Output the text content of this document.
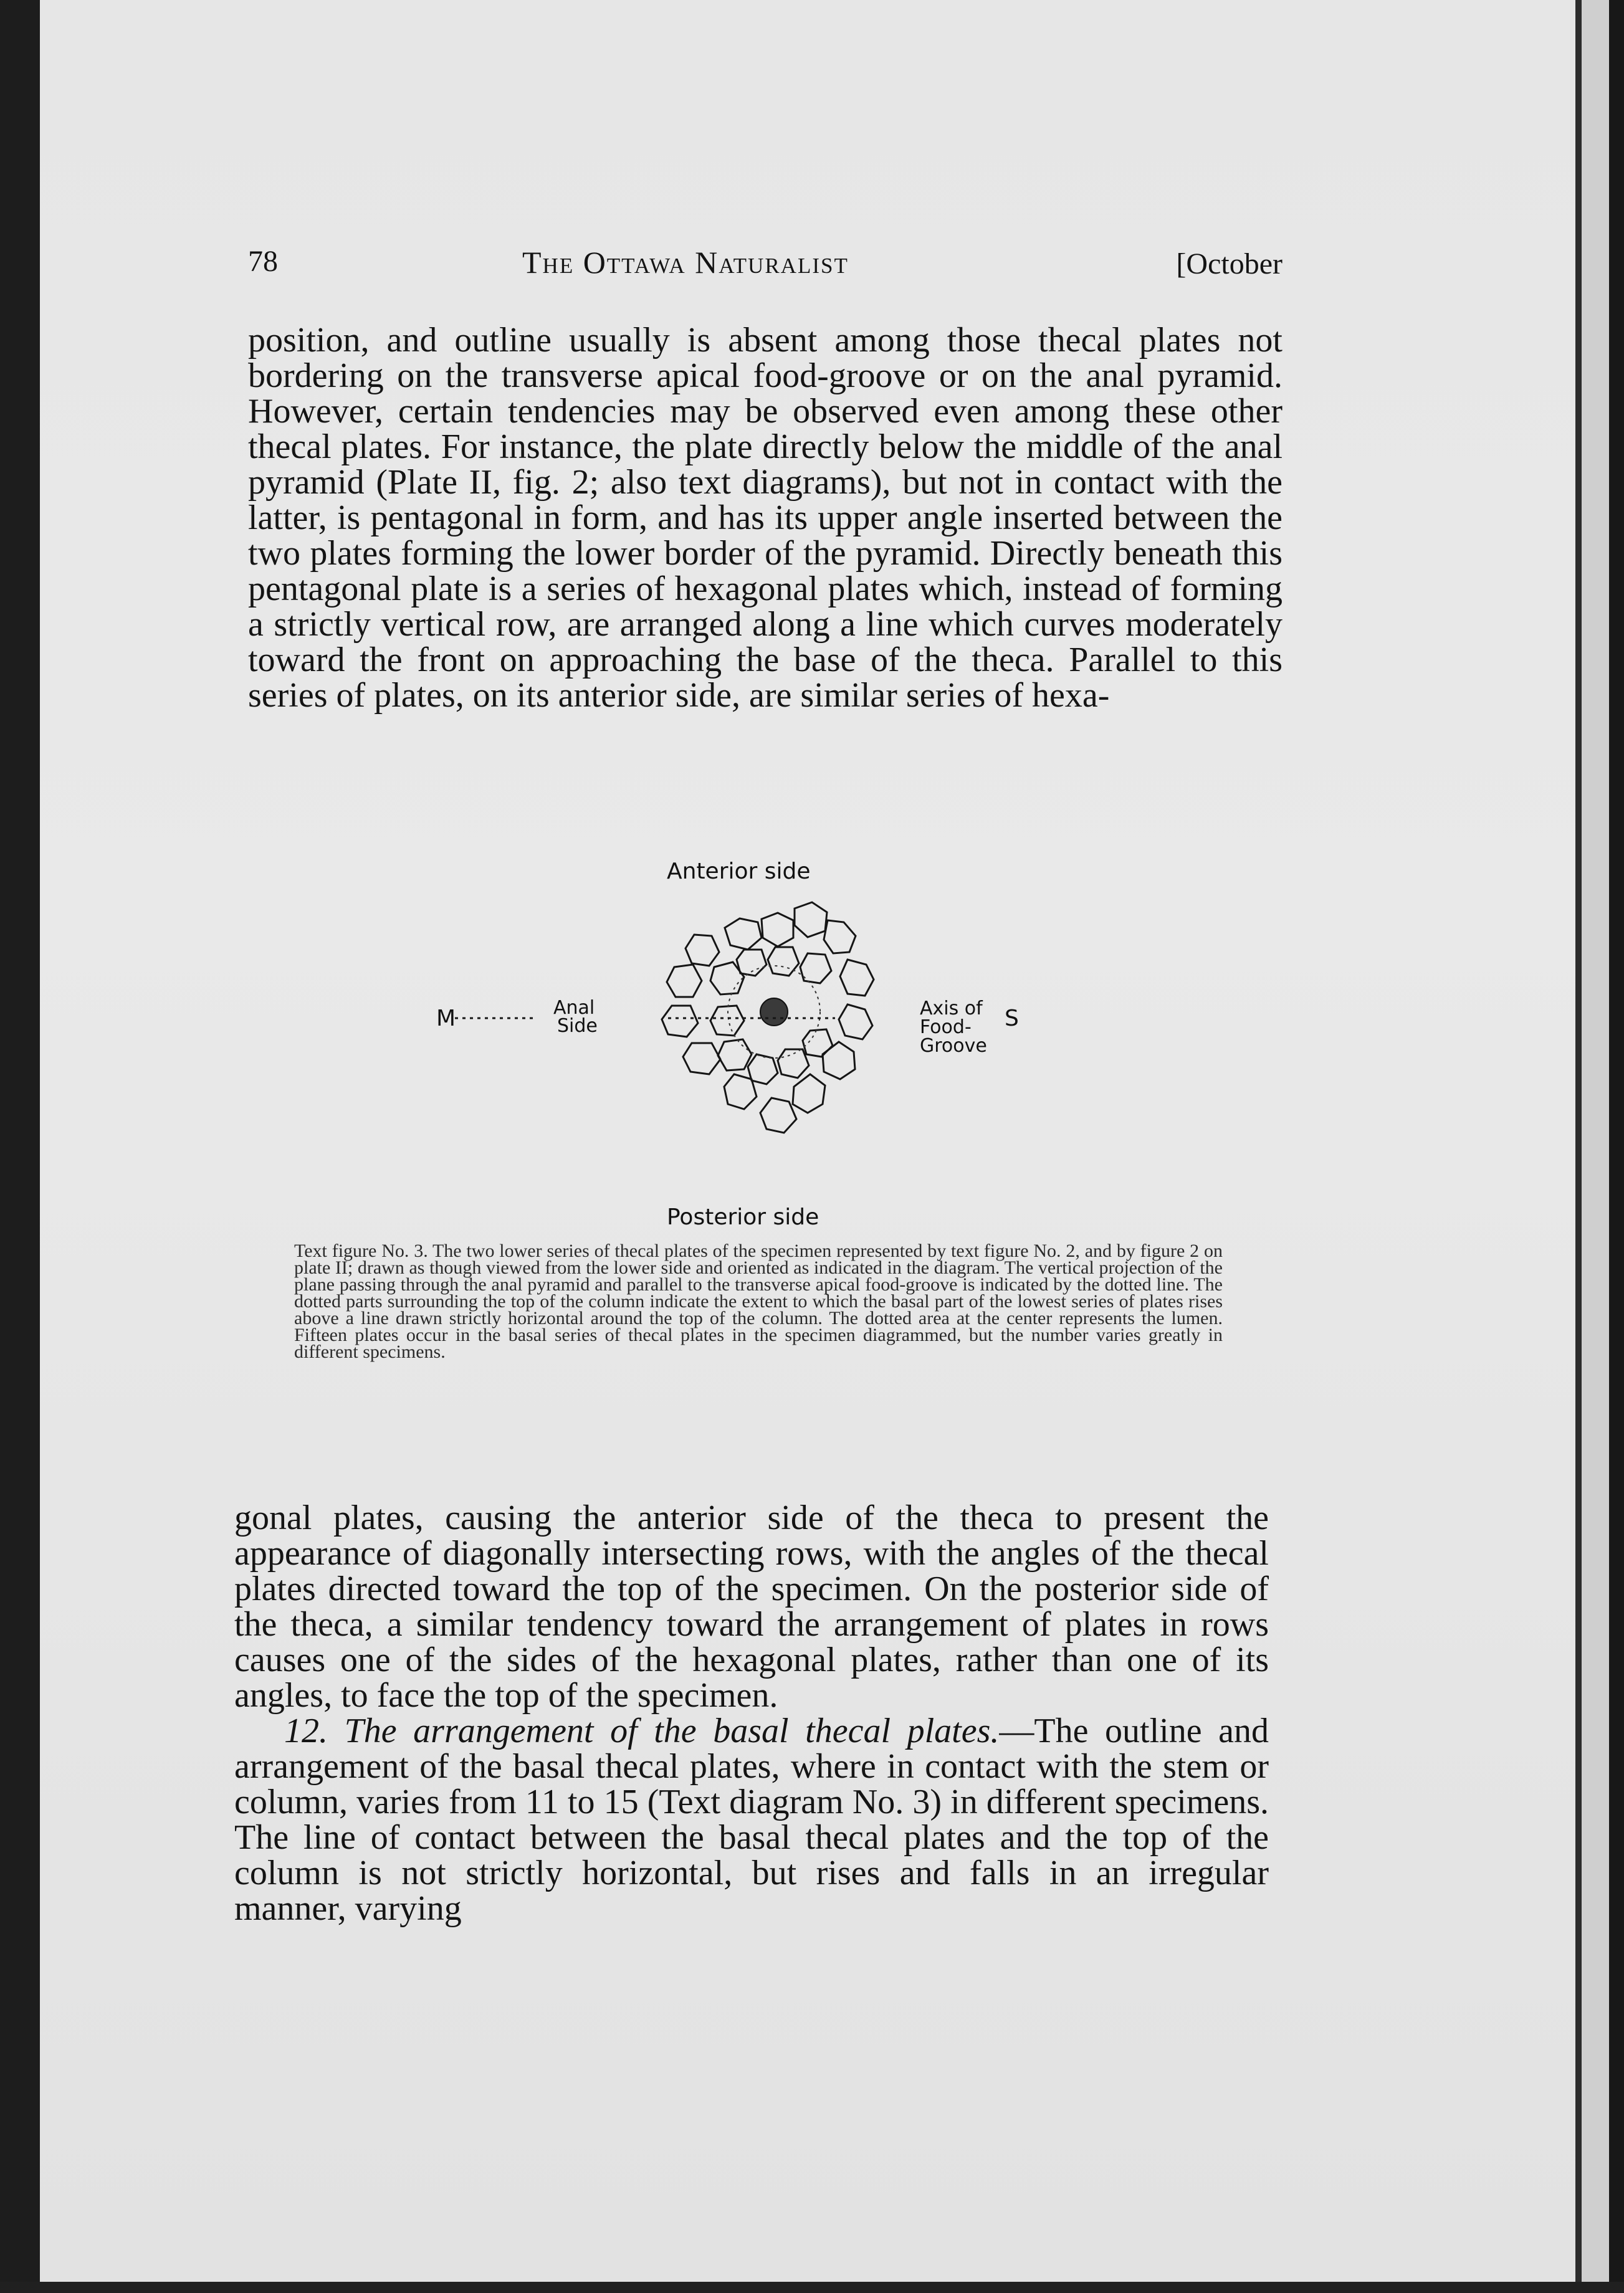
78	The Ottawa Naturalist	[October

position, and outline usually is absent among those thecal plates not bordering on the transverse apical food-groove or on the anal pyramid. However, certain tendencies may be observed even among these other thecal plates. For instance, the plate directly below the middle of the anal pyramid (Plate II, fig. 2; also text diagrams), but not in contact with the latter, is pentagonal in form, and has its upper angle inserted between the two plates forming the lower border of the pyramid. Directly beneath this pentagonal plate is a series of hexagonal plates which, instead of forming a strictly vertical row, are arranged along a line which curves moderately toward the front on approaching the base of the theca. Parallel to this series of plates, on its anterior side, are similar series of hexa-

Anterior side
Posterior side
M	Anal
Side
Axis of S
Food-
Groove
Text figure No. 3. The two lower series of thecal plates of the specimen represented by text figure No. 2, and by figure 2 on plate II; drawn as though viewed from the lower side and oriented as indicated in the diagram. The vertical projection of the plane passing through the anal pyramid and parallel to the transverse apical food-groove is indicated by the dotted line. The dotted parts surrounding the top of the column indicate the extent to which the basal part of the lowest series of plates rises above a line drawn strictly horizontal around the top of the column. The dotted area at the center represents the lumen. Fifteen plates occur in the basal series of thecal plates in the specimen diagrammed, but the number varies greatly in different specimens.

gonal plates, causing the anterior side of the theca to present the appearance of diagonally intersecting rows, with the angles of the thecal plates directed toward the top of the specimen. On the posterior side of the theca, a similar tendency toward the arrangement of plates in rows causes one of the sides of the hexagonal plates, rather than one of its angles, to face the top of the specimen.

12. The arrangement of the basal thecal plates.—The outline and arrangement of the basal thecal plates, where in contact with the stem or column, varies from 11 to 15 (Text diagram No. 3) in different specimens. The line of contact between the basal thecal plates and the top of the column is not strictly horizontal, but rises and falls in an irregular manner, varying
